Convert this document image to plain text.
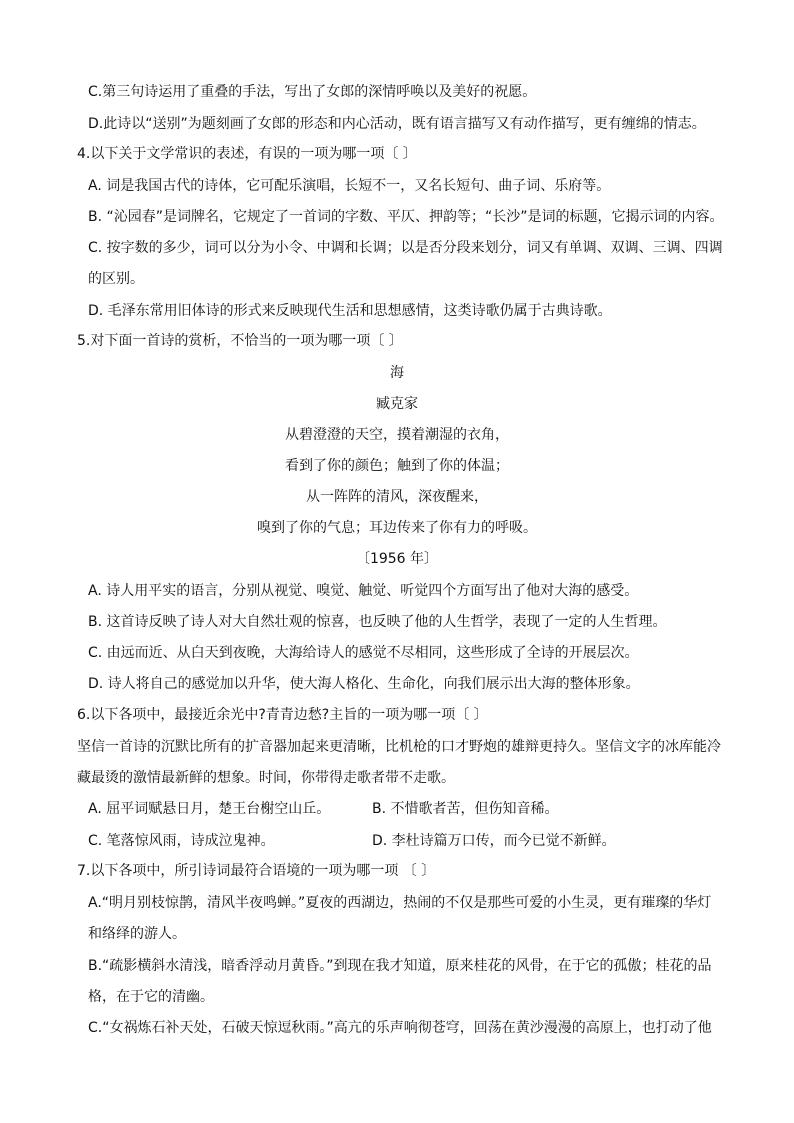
C.第三句诗运用了重叠的手法，写出了女郎的深情呼唤以及美好的祝愿。
D.此诗以“送别”为题刻画了女郎的形态和内心活动，既有语言描写又有动作描写，更有缠绵的情志。
4.以下关于文学常识的表述，有误的一项为哪一项〔 〕
A. 词是我国古代的诗体，它可配乐演唱，长短不一，又名长短句、曲子词、乐府等。
B. “沁园春”是词牌名，它规定了一首词的字数、平仄、押韵等；“长沙”是词的标题，它揭示词的内容。
C. 按字数的多少，词可以分为小令、中调和长调；以是否分段来划分，词又有单调、双调、三调、四调
的区别。
D. 毛泽东常用旧体诗的形式来反映现代生活和思想感情，这类诗歌仍属于古典诗歌。
5.对下面一首诗的赏析，不恰当的一项为哪一项〔 〕
海
臧克家
从碧澄澄的天空，摸着潮湿的衣角，
看到了你的颜色；触到了你的体温；
从一阵阵的清风，深夜醒来，
嗅到了你的气息；耳边传来了你有力的呼吸。
〔1956 年〕
A. 诗人用平实的语言，分别从视觉、嗅觉、触觉、听觉四个方面写出了他对大海的感受。
B. 这首诗反映了诗人对大自然壮观的惊喜，也反映了他的人生哲学，表现了一定的人生哲理。
C. 由远而近、从白天到夜晚，大海给诗人的感觉不尽相同，这些形成了全诗的开展层次。
D. 诗人将自己的感觉加以升华，使大海人格化、生命化，向我们展示出大海的整体形象。
6.以下各项中，最接近余光中?青青边愁?主旨的一项为哪一项〔 〕
坚信一首诗的沉默比所有的扩音器加起来更清晰，比机枪的口才野炮的雄辩更持久。坚信文字的冰库能冷
藏最烫的激情最新鲜的想象。时间，你带得走歌者带不走歌。
A. 屈平词赋悬日月，楚王台榭空山丘。	B. 不惜歌者苦，但伤知音稀。
C. 笔落惊风雨，诗成泣鬼神。	D. 李杜诗篇万口传，而今已觉不新鲜。
7.以下各项中，所引诗词最符合语境的一项为哪一项 〔 〕
A.“明月别枝惊鹊，清风半夜鸣蝉。”夏夜的西湖边，热闹的不仅是那些可爱的小生灵，更有璀璨的华灯
和络绎的游人。
B.“疏影横斜水清浅，暗香浮动月黄昏。”到现在我才知道，原来桂花的风骨，在于它的孤傲；桂花的品
格，在于它的清幽。
C.“女祸炼石补天处，石破天惊逗秋雨。”高亢的乐声响彻苍穹，回荡在黄沙漫漫的高原上，也打动了他
